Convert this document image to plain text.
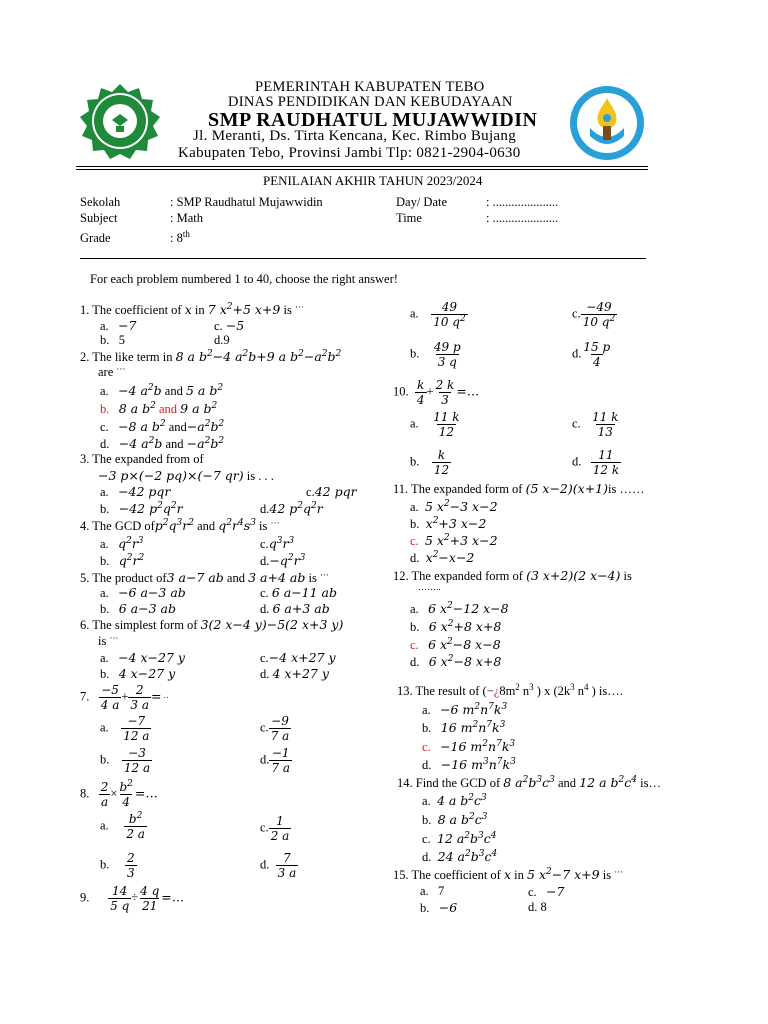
PEMERINTAH KABUPATEN TEBO
DINAS PENDIDIKAN DAN KEBUDAYAAN
SMP RAUDHATUL MUJAWWIDIN
Jl. Meranti, Ds. Tirta Kencana, Kec. Rimbo Bujang
Kabupaten Tebo, Provinsi Jambi Tlp: 0821-2904-0630
PENILAIAN AKHIR TAHUN 2023/2024
Sekolah	: SMP Raudhatul Mujawwidin
Subject	: Math
Grade	: 8th
Day/ Date	: .....................
Time	: .....................
For each problem numbered 1 to 40, choose the right answer!
1. The coefficient of x in 7 $x^2+5$ x+9 is ···
a.   −7	c. −5
b.   5	d.9
2. The like term in 8 a $b^2-4$ $a^2b+9$ a $b^2-a^2b^2$
are ···
a.   −4 $a^2b$ and 5 a $b^2$
b.   8 a $b^2$ and 9 a $b^2$
c.   −8 a $b^2$ $and-a^2b^2$
d.   −4 $a^2b$ and $-a^2b^2$
3. The expanded from of
−3 p×(−2 pq)×(−7 qr) is . . .
a.   −42 pqr	c.42 pqr
b.   −42 $p^2q^2r$	d.42 $p^2q^2r$
4. The GCD $ofp^2q^3r^2$ and $q^2r^4s^3$ is ···
a.   $q^2r^3$	$c.q^3r^3$
b.   $q^2r^2$	$d.-q^2r^3$
5. The product of3 a−7 ab and 3 a+4 ab is ···
a.   −6 a−3 ab	c. 6 a−11 ab
b.   6 a−3 ab	d. 6 a+3 ab
6. The simplest form of 3(2 x−4 y)−5(2 x+3 y)
is ···
a.   −4 x−27 y	c.−4 x+27 y
b.   4 x−27 y	d. 4 x+27 y
7. $\frac{-5}{4 a} + \frac{2}{3 a}$ = ··
a. $\frac{-7}{12 a}$	c. $\frac{-9}{7 a}$
b. $\frac{-3}{12 a}$	d. $\frac{-1}{7 a}$
8. $\frac{2}{a} \times \frac{b^2}{4}$ =…
a. $\frac{b^2}{2 a}$	c. $\frac{1}{2 a}$
b. $\frac{2}{3}$	d. $\frac{7}{3 a}$
9. $\frac{14}{5 q} \div \frac{4 q}{21}$ =…
a. $\frac{49}{10 q^2}$	c. $\frac{-49}{10 q^2}$
b. $\frac{49 p}{3 q}$	d. $\frac{15 p}{4}$
10. $\frac{k}{4} + \frac{2 k}{3}$ =…
a. $\frac{11 k}{12}$	c. $\frac{11 k}{13}$
b. $\frac{k}{12}$	d. $\frac{11}{12 k}$
11. The expanded form of (5 x−2)(x+1)is ……
a.  5 $x^2-3$ x−2
b.  $x^2+3$ x−2
c. 5 $x^2+3$ x−2
d.  $x^2-x-2$
12. The expanded form of (3 x+2)(2 x−4) is
……..
a.   6 $x^2-12$ x−8
b.   6 $x^2+8$ x+8
c. 6 $x^2-8$ x−8
d.   6 $x^2-8$ x+8
13. The result of ($-¿8m^2$ $n^3$ ) x ($2k^3$ $n^4$ ) is….
a.   −6 $m^2n^7k^3$
b.   16 $m^2n^7k^3$
c. −16 $m^2n^7k^3$
d.   −16 $m^3n^7k^3$
14. Find the GCD of 8 $a^2b^3c^3$ and 12 a $b^2c^4$ is…
a.  4 a $b^2c^3$
b.  8 a $b^2c^3$
c.  12 $a^2b^3c^4$
d.  24 $a^2b^3c^4$
15. The coefficient of x in 5 $x^2-7$ x+9 is ···
a.   7	c.   −7
b.   −6	d. 8
